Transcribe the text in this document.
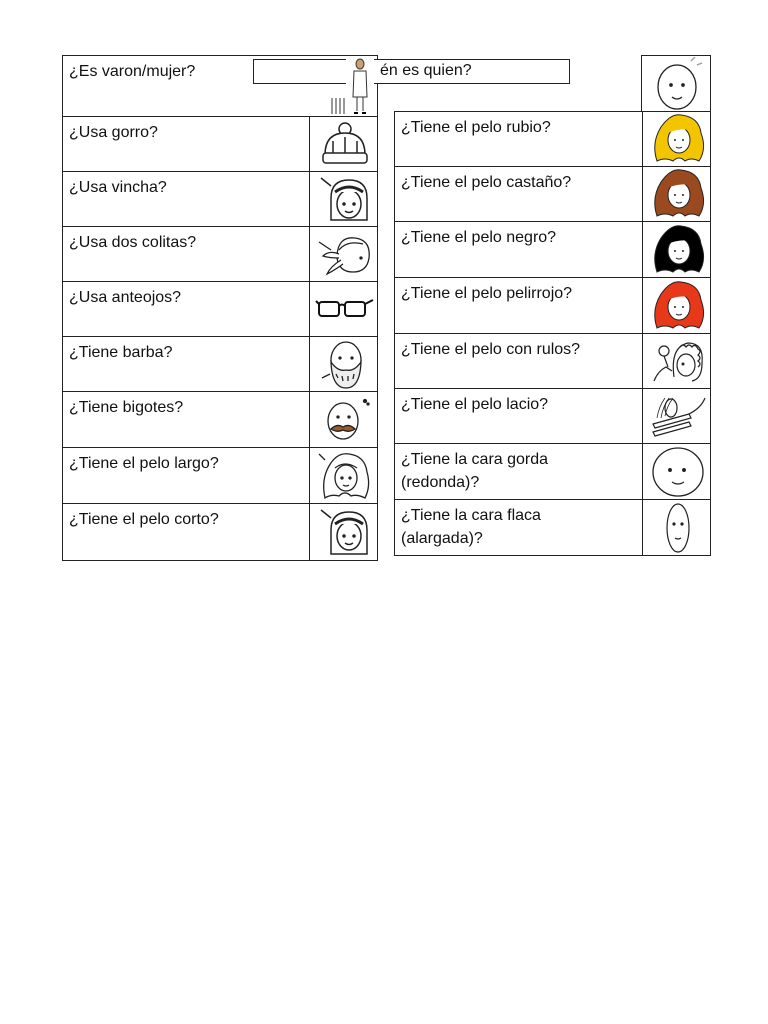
¿Es varon/mujer?
¿Usa gorro?
¿Usa vincha?
¿Usa dos colitas?
¿Usa anteojos?
¿Tiene barba?
¿Tiene bigotes?
¿Tiene el pelo largo?
¿Tiene el pelo corto?
¿Tiene el pelo rubio?
¿Tiene el pelo castaño?
¿Tiene el pelo negro?
¿Tiene el pelo pelirrojo?
¿Tiene el pelo con rulos?
¿Tiene el pelo lacio?
¿Tiene la cara gorda
(redonda)?
¿Tiene la cara flaca
(alargada)?
én es quien?
